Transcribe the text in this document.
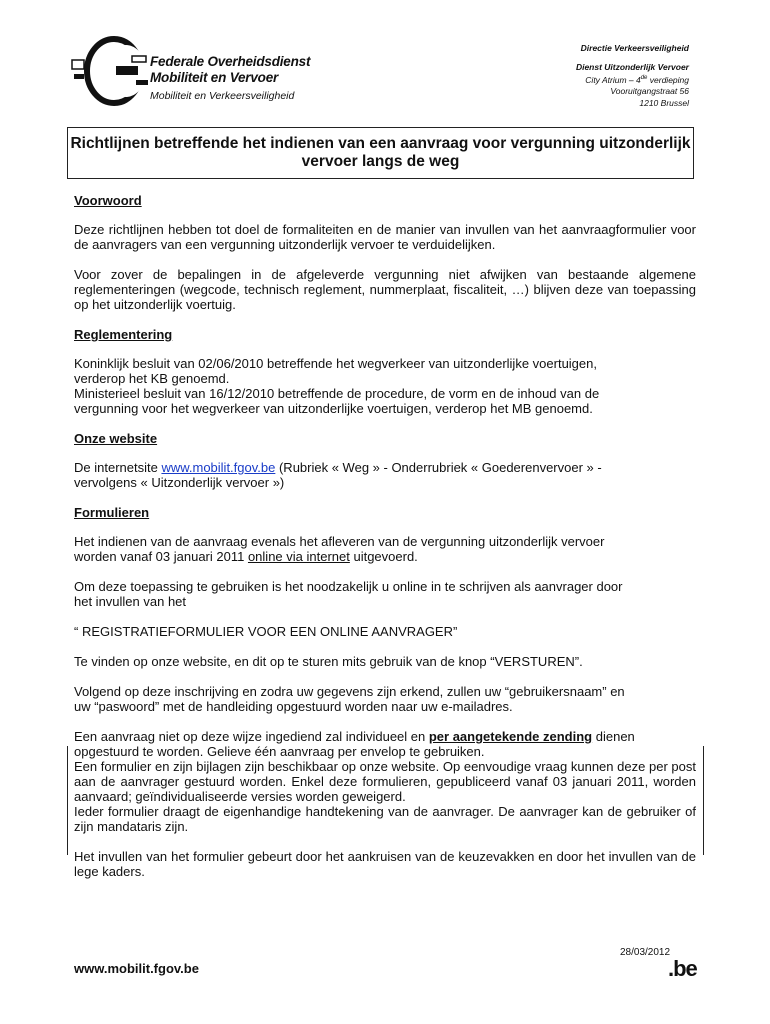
Federale Overheidsdienst
Mobiliteit en Vervoer
Mobiliteit en Verkeersveiligheid
Directie Verkeersveiligheid
Dienst Uitzonderlijk Vervoer
City Atrium – 4de verdieping
Vooruitgangstraat 56
1210 Brussel
Richtlijnen betreffende het indienen van een aanvraag voor vergunning uitzonderlijk vervoer langs de weg
Voorwoord

Deze richtlijnen hebben tot doel de formaliteiten en de manier van invullen van het aanvraagformulier voor de aanvragers van een vergunning uitzonderlijk vervoer te verduidelijken.

Voor zover de bepalingen in de afgeleverde vergunning niet afwijken van bestaande algemene reglementeringen (wegcode, technisch reglement, nummerplaat, fiscaliteit, …) blijven deze van toepassing op het uitzonderlijk voertuig.

Reglementering

Koninklijk besluit van 02/06/2010 betreffende het wegverkeer van uitzonderlijke voertuigen,
verderop het KB genoemd.
Ministerieel besluit van 16/12/2010 betreffende de procedure, de vorm en de inhoud van de
vergunning voor het wegverkeer van uitzonderlijke voertuigen, verderop het MB genoemd.

Onze website

De internetsite www.mobilit.fgov.be (Rubriek « Weg » - Onderrubriek « Goederenvervoer » -
vervolgens « Uitzonderlijk vervoer »)

Formulieren

Het indienen van de aanvraag evenals het afleveren van de vergunning uitzonderlijk vervoer
worden vanaf 03 januari 2011 online via internet uitgevoerd.

Om deze toepassing te gebruiken is het noodzakelijk u online in te schrijven als aanvrager door
het invullen van het

“ REGISTRATIEFORMULIER VOOR EEN ONLINE AANVRAGER”

Te vinden op onze website, en dit op te sturen mits gebruik van de knop “VERSTUREN”.

Volgend op deze inschrijving en zodra uw gegevens zijn erkend, zullen uw “gebruikersnaam” en
uw “paswoord” met de handleiding opgestuurd worden naar uw e-mailadres.

Een aanvraag niet op deze wijze ingediend zal individueel en per aangetekende zending dienen
opgestuurd te worden. Gelieve één aanvraag per envelop te gebruiken.
Een formulier en zijn bijlagen zijn beschikbaar op onze website. Op eenvoudige vraag kunnen deze per post aan de aanvrager gestuurd worden. Enkel deze formulieren, gepubliceerd vanaf 03 januari 2011, worden aanvaard; geïndividualiseerde versies worden geweigerd.
Ieder formulier draagt de eigenhandige handtekening van de aanvrager. De aanvrager kan de gebruiker of zijn mandataris zijn.

Het invullen van het formulier gebeurt door het aankruisen van de keuzevakken en door het invullen van de lege kaders.

28/03/2012
www.mobilit.fgov.be	.be
